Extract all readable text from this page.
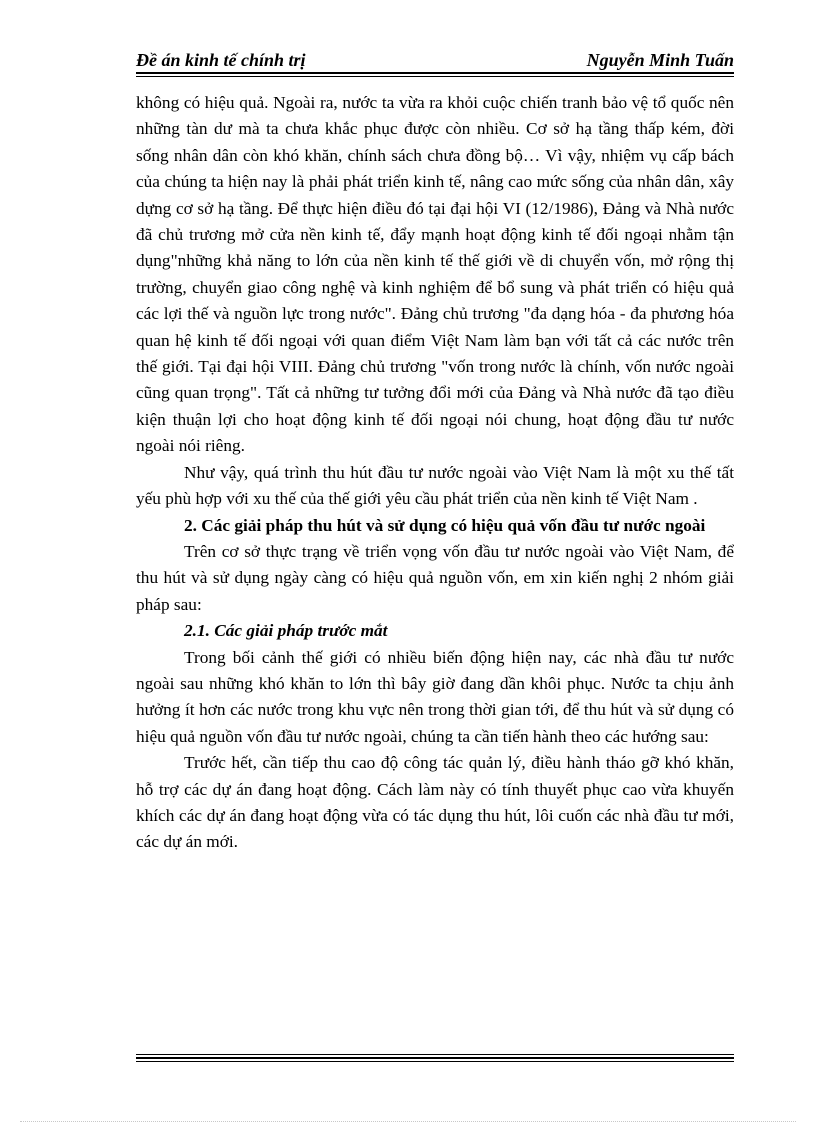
Đề án kinh tế chính trị	Nguyễn Minh Tuấn

không có hiệu quả. Ngoài ra, nước ta vừa ra khỏi cuộc chiến tranh bảo vệ tổ quốc nên những tàn dư mà ta chưa khắc phục được còn nhiều. Cơ sở hạ tầng thấp kém, đời sống nhân dân còn khó khăn, chính sách chưa đồng bộ… Vì vậy, nhiệm vụ cấp bách của chúng ta hiện nay là phải phát triển kinh tế, nâng cao mức sống của nhân dân, xây dựng cơ sở hạ tầng. Để thực hiện điều đó tại đại hội VI (12/1986), Đảng và Nhà nước đã chủ trương mở cửa nền kinh tế, đẩy mạnh hoạt động kinh tế đối ngoại nhằm tận dụng"những khả năng to lớn của nền kinh tế thế giới về di chuyển vốn, mở rộng thị trường, chuyển giao công nghệ và kinh nghiệm để bổ sung và phát triển có hiệu quả các lợi thế và nguồn lực trong nước". Đảng chủ trương "đa dạng hóa - đa phương hóa quan hệ kinh tế đối ngoại với quan điểm Việt Nam làm bạn với tất cả các nước trên thế giới. Tại đại hội VIII. Đảng chủ trương "vốn trong nước là chính, vốn nước ngoài cũng quan trọng". Tất cả những tư tưởng đổi mới của Đảng và Nhà nước đã tạo điều kiện thuận lợi cho hoạt động kinh tế đối ngoại nói chung, hoạt động đầu tư nước ngoài nói riêng.

Như vậy, quá trình thu hút đầu tư nước ngoài vào Việt Nam là một xu thế tất yếu phù hợp với xu thế của thế giới yêu cầu phát triển của nền kinh tế Việt Nam .

2. Các giải pháp thu hút và sử dụng có hiệu quả vốn đầu tư nước ngoài

Trên cơ sở thực trạng về triển vọng vốn đầu tư nước ngoài vào Việt Nam, để thu hút và sử dụng ngày càng có hiệu quả nguồn vốn, em xin kiến nghị 2 nhóm giải pháp sau:

2.1. Các giải pháp trước mắt

Trong bối cảnh thế giới có nhiều biến động hiện nay, các nhà đầu tư nước ngoài sau những khó khăn to lớn thì bây giờ đang dần khôi phục. Nước ta chịu ảnh hưởng ít hơn các nước trong khu vực nên trong thời gian tới, để thu hút và sử dụng có hiệu quả nguồn vốn đầu tư nước ngoài, chúng ta cần tiến hành theo các hướng sau:

Trước hết, cần tiếp thu cao độ công tác quản lý, điều hành tháo gỡ khó khăn, hỗ trợ các dự án đang hoạt động. Cách làm này có tính thuyết phục cao vừa khuyến khích các dự án đang hoạt động vừa có tác dụng thu hút, lôi cuốn các nhà đầu tư mới, các dự án mới.
